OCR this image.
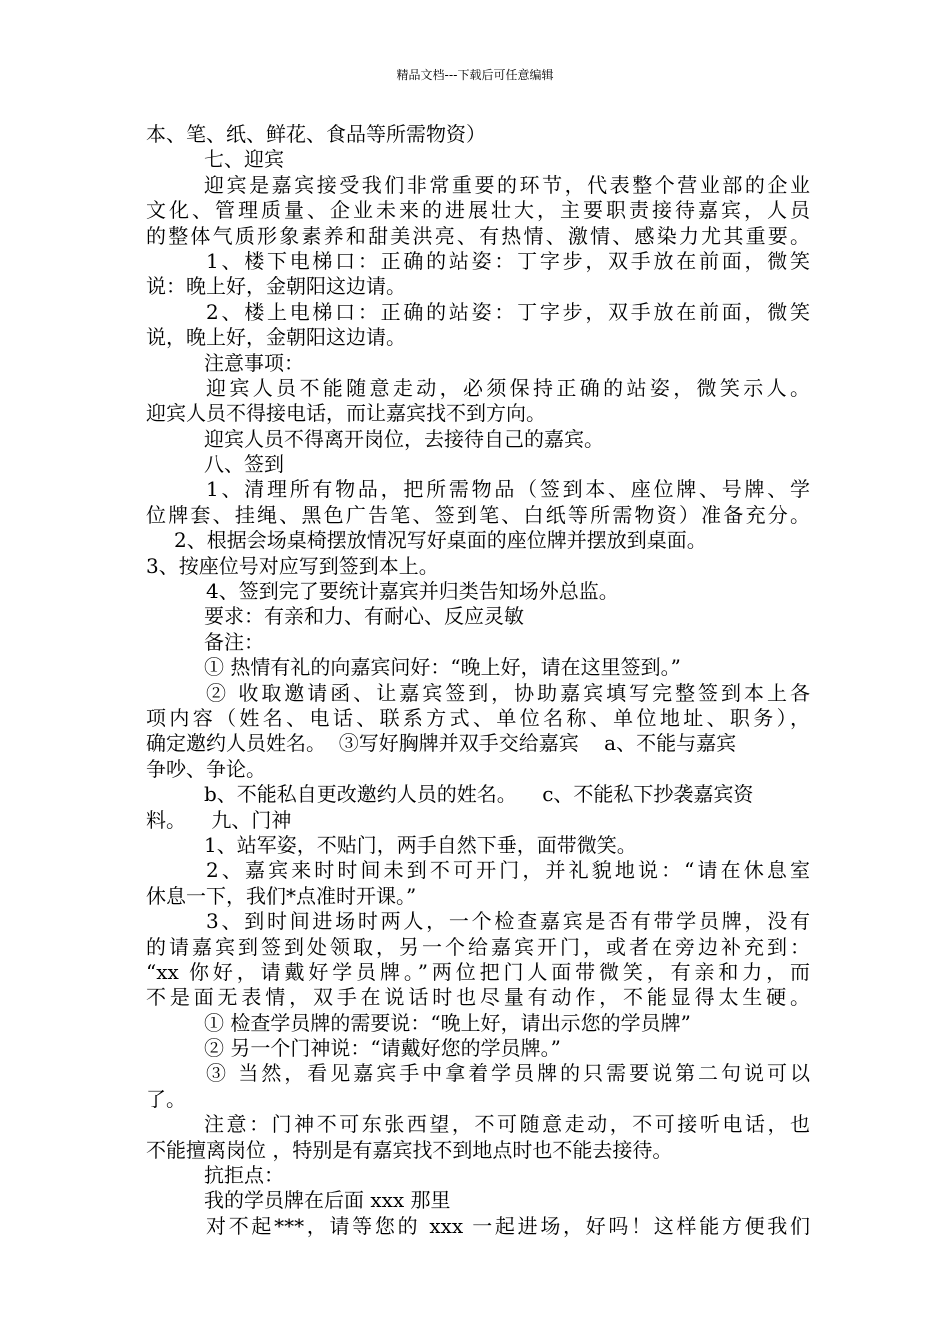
精品文档---下载后可任意编辑
本、笔、纸、鲜花、食品等所需物资）
七、迎宾
迎宾是嘉宾接受我们非常重要的环节，代表整个营业部的企业
文化、管理质量、企业未来的进展壮大，主要职责接待嘉宾，人员
的整体气质形象素养和甜美洪亮、有热情、激情、感染力尤其重要。
1、楼下电梯口：正确的站姿：丁字步，双手放在前面，微笑
说：晚上好，金朝阳这边请。
2、楼上电梯口：正确的站姿：丁字步，双手放在前面，微笑
说，晚上好，金朝阳这边请。
注意事项：
迎宾人员不能随意走动，必须保持正确的站姿，微笑示人。
迎宾人员不得接电话，而让嘉宾找不到方向。
迎宾人员不得离开岗位，去接待自己的嘉宾。
八、签到
1、清理所有物品，把所需物品（签到本、座位牌、号牌、学
位牌套、挂绳、黑色广告笔、签到笔、白纸等所需物资）准备充分。
2、根据会场桌椅摆放情况写好桌面的座位牌并摆放到桌面。
3、按座位号对应写到签到本上。
4、签到完了要统计嘉宾并归类告知场外总监。
要求：有亲和力、有耐心、反应灵敏
备注：
① 热情有礼的向嘉宾问好：“晚上好，请在这里签到。”
② 收取邀请函、让嘉宾签到，协助嘉宾填写完整签到本上各
项内容（姓名、电话、联系方式、单位名称、单位地址、职务），
确定邀约人员姓名。  ③写好胸牌并双手交给嘉宾    a、不能与嘉宾
争吵、争论。
b、不能私自更改邀约人员的姓名。    c、不能私下抄袭嘉宾资
料。    九、门神
1、站军姿，不贴门，两手自然下垂，面带微笑。
2、嘉宾来时时间未到不可开门，并礼貌地说：“请在休息室
休息一下，我们*点准时开课。”
3、到时间进场时两人，一个检查嘉宾是否有带学员牌，没有
的请嘉宾到签到处领取，另一个给嘉宾开门，或者在旁边补充到：
“xx 你好，请戴好学员牌。”两位把门人面带微笑，有亲和力，而
不是面无表情，双手在说话时也尽量有动作，不能显得太生硬。
① 检查学员牌的需要说：“晚上好，请出示您的学员牌”
② 另一个门神说：“请戴好您的学员牌。”
③ 当然，看见嘉宾手中拿着学员牌的只需要说第二句说可以
了。
注意：门神不可东张西望，不可随意走动，不可接听电话，也
不能擅离岗位 ，特别是有嘉宾找不到地点时也不能去接待。
抗拒点：
我的学员牌在后面 xxx 那里
对不起***，请等您的 xxx 一起进场，好吗！这样能方便我们
